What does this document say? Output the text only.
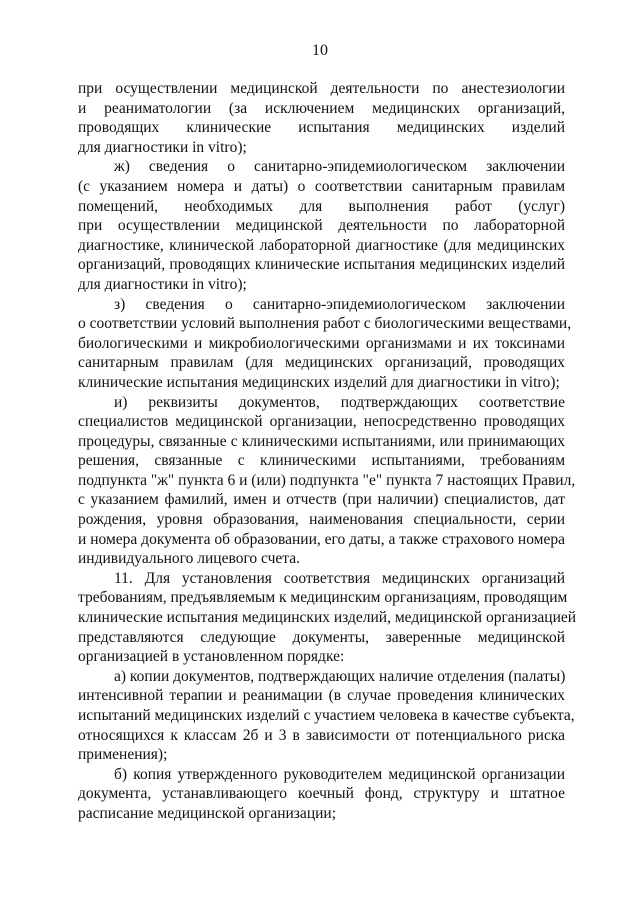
10
при осуществлении медицинской деятельности по анестезиологии
и реаниматологии (за исключением медицинских организаций,
проводящих клинические испытания медицинских изделий
для диагностики in vitro);
ж) сведения о санитарно-эпидемиологическом заключении
(с указанием номера и даты) о соответствии санитарным правилам
помещений, необходимых для выполнения работ (услуг)
при осуществлении медицинской деятельности по лабораторной
диагностике, клинической лабораторной диагностике (для медицинских
организаций, проводящих клинические испытания медицинских изделий
для диагностики in vitro);
з) сведения о санитарно-эпидемиологическом заключении
о соответствии условий выполнения работ с биологическими веществами,
биологическими и микробиологическими организмами и их токсинами
санитарным правилам (для медицинских организаций, проводящих
клинические испытания медицинских изделий для диагностики in vitro);
и) реквизиты документов, подтверждающих соответствие
специалистов медицинской организации, непосредственно проводящих
процедуры, связанные с клиническими испытаниями, или принимающих
решения, связанные с клиническими испытаниями, требованиям
подпункта "ж" пункта 6 и (или) подпункта "е" пункта 7 настоящих Правил,
с указанием фамилий, имен и отчеств (при наличии) специалистов, дат
рождения, уровня образования, наименования специальности, серии
и номера документа об образовании, его даты, а также страхового номера
индивидуального лицевого счета.
11. Для установления соответствия медицинских организаций
требованиям, предъявляемым к медицинским организациям, проводящим
клинические испытания медицинских изделий, медицинской организацией
представляются следующие документы, заверенные медицинской
организацией в установленном порядке:
а) копии документов, подтверждающих наличие отделения (палаты)
интенсивной терапии и реанимации (в случае проведения клинических
испытаний медицинских изделий с участием человека в качестве субъекта,
относящихся к классам 2б и 3 в зависимости от потенциального риска
применения);
б) копия утвержденного руководителем медицинской организации
документа, устанавливающего коечный фонд, структуру и штатное
расписание медицинской организации;
